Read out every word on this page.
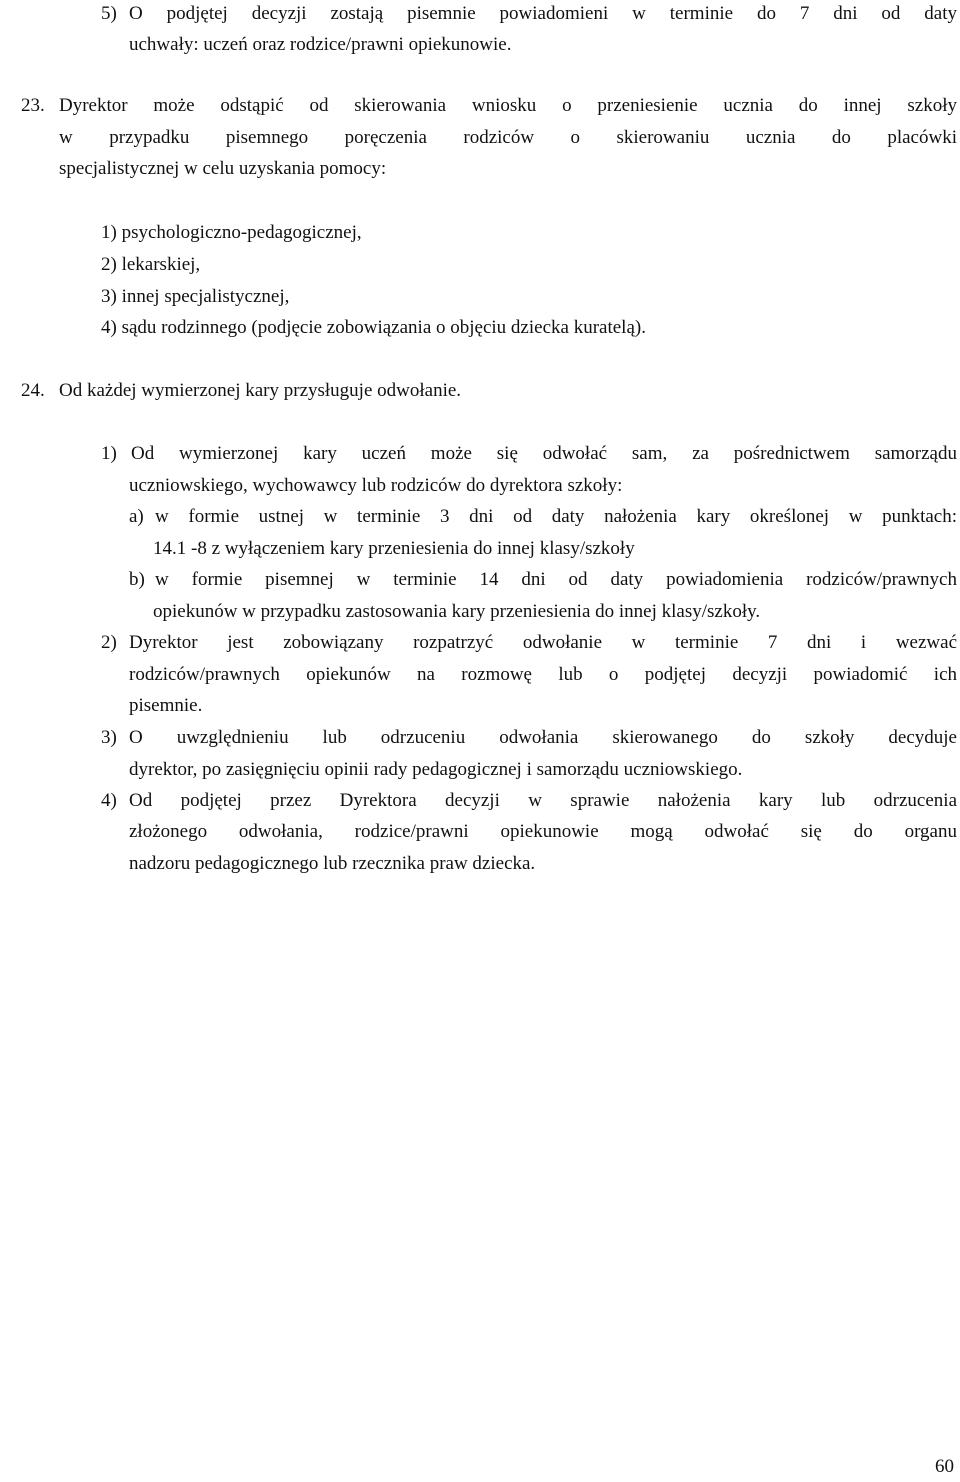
5) O podjętej decyzji zostają pisemnie powiadomieni w terminie do 7 dni od daty
uchwały: uczeń oraz rodzice/prawni opiekunowie.
23. Dyrektor może odstąpić od skierowania wniosku o przeniesienie ucznia do innej szkoły
w przypadku pisemnego poręczenia rodziców o skierowaniu ucznia do placówki
specjalistycznej w celu uzyskania pomocy:
1) psychologiczno-pedagogicznej,
2) lekarskiej,
3) innej specjalistycznej,
4) sądu rodzinnego (podjęcie zobowiązania o objęciu dziecka kuratelą).
24. Od każdej wymierzonej kary przysługuje odwołanie.
1) Od wymierzonej kary uczeń może się odwołać sam, za pośrednictwem samorządu
uczniowskiego, wychowawcy lub rodziców do dyrektora szkoły:
a) w formie ustnej w terminie 3 dni od daty nałożenia kary określonej w punktach:
14.1 -8 z wyłączeniem kary przeniesienia do innej klasy/szkoły
b) w formie pisemnej w terminie 14 dni od daty powiadomienia rodziców/prawnych
opiekunów w przypadku zastosowania kary przeniesienia do innej klasy/szkoły.
2) Dyrektor jest zobowiązany rozpatrzyć odwołanie w terminie 7 dni i wezwać
rodziców/prawnych opiekunów na rozmowę lub o podjętej decyzji powiadomić ich
pisemnie.
3) O uwzględnieniu lub odrzuceniu odwołania skierowanego do szkoły decyduje
dyrektor, po zasięgnięciu opinii rady pedagogicznej i samorządu uczniowskiego.
4) Od podjętej przez Dyrektora decyzji w sprawie nałożenia kary lub odrzucenia
złożonego odwołania, rodzice/prawni opiekunowie mogą odwołać się do organu
nadzoru pedagogicznego lub rzecznika praw dziecka.
60
